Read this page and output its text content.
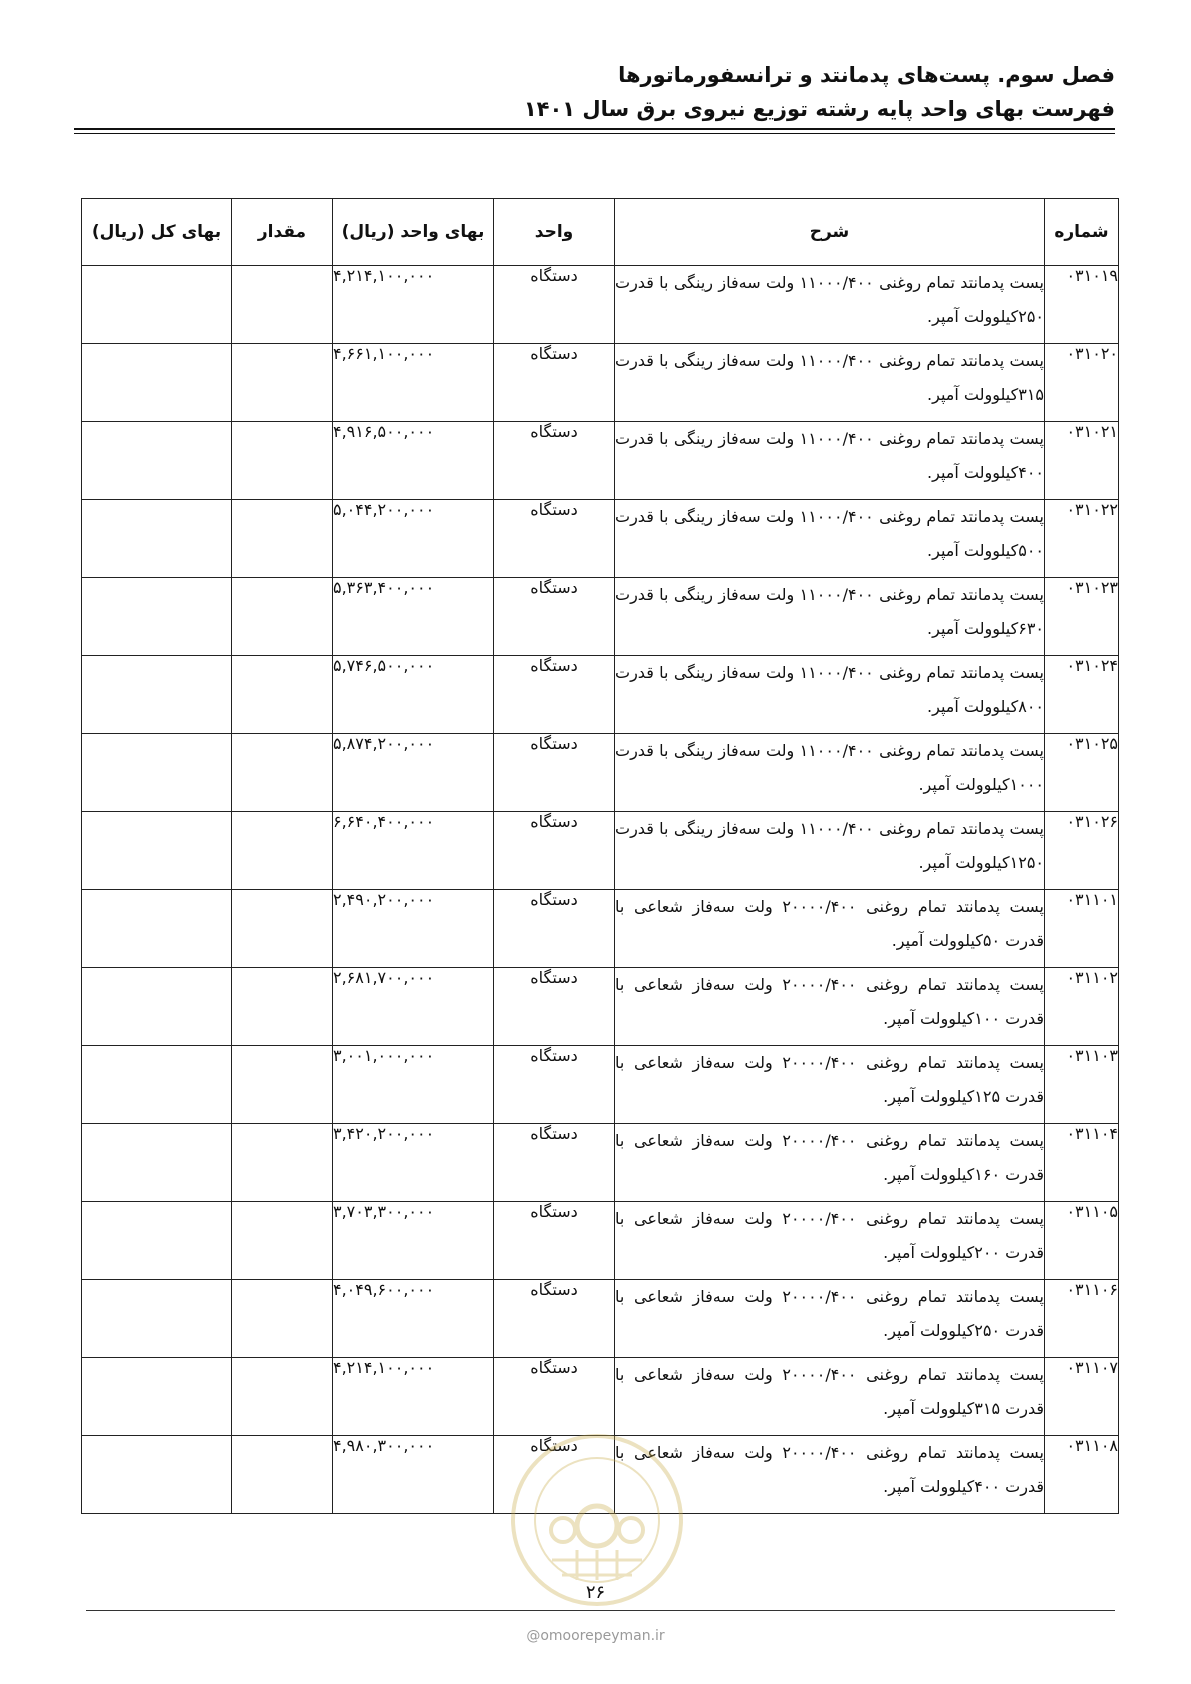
فصل سوم. پست‌های پدمانتد و ترانسفورماتورها
فهرست بهای واحد پایه رشته توزیع نیروی برق سال ۱۴۰۱
شماره	شرح	واحد	بهای واحد (ریال)	مقدار	بهای کل (ریال)
۰۳۱۰۱۹	پست پدمانتد تمام روغنی ۱۱۰۰۰/۴۰۰ ولت سه‌فاز رینگی با قدرت ۲۵۰کیلوولت آمپر.	دستگاه	۴,۲۱۴,۱۰۰,۰۰۰		
۰۳۱۰۲۰	پست پدمانتد تمام روغنی ۱۱۰۰۰/۴۰۰ ولت سه‌فاز رینگی با قدرت ۳۱۵کیلوولت آمپر.	دستگاه	۴,۶۶۱,۱۰۰,۰۰۰		
۰۳۱۰۲۱	پست پدمانتد تمام روغنی ۱۱۰۰۰/۴۰۰ ولت سه‌فاز رینگی با قدرت ۴۰۰کیلوولت آمپر.	دستگاه	۴,۹۱۶,۵۰۰,۰۰۰		
۰۳۱۰۲۲	پست پدمانتد تمام روغنی ۱۱۰۰۰/۴۰۰ ولت سه‌فاز رینگی با قدرت ۵۰۰کیلوولت آمپر.	دستگاه	۵,۰۴۴,۲۰۰,۰۰۰		
۰۳۱۰۲۳	پست پدمانتد تمام روغنی ۱۱۰۰۰/۴۰۰ ولت سه‌فاز رینگی با قدرت ۶۳۰کیلوولت آمپر.	دستگاه	۵,۳۶۳,۴۰۰,۰۰۰		
۰۳۱۰۲۴	پست پدمانتد تمام روغنی ۱۱۰۰۰/۴۰۰ ولت سه‌فاز رینگی با قدرت ۸۰۰کیلوولت آمپر.	دستگاه	۵,۷۴۶,۵۰۰,۰۰۰		
۰۳۱۰۲۵	پست پدمانتد تمام روغنی ۱۱۰۰۰/۴۰۰ ولت سه‌فاز رینگی با قدرت ۱۰۰۰کیلوولت آمپر.	دستگاه	۵,۸۷۴,۲۰۰,۰۰۰		
۰۳۱۰۲۶	پست پدمانتد تمام روغنی ۱۱۰۰۰/۴۰۰ ولت سه‌فاز رینگی با قدرت ۱۲۵۰کیلوولت آمپر.	دستگاه	۶,۶۴۰,۴۰۰,۰۰۰		
۰۳۱۱۰۱	پست پدمانتد تمام روغنی ۲۰۰۰۰/۴۰۰ ولت سه‌فاز شعاعی با قدرت ۵۰کیلوولت آمپر.	دستگاه	۲,۴۹۰,۲۰۰,۰۰۰		
۰۳۱۱۰۲	پست پدمانتد تمام روغنی ۲۰۰۰۰/۴۰۰ ولت سه‌فاز شعاعی با قدرت ۱۰۰کیلوولت آمپر.	دستگاه	۲,۶۸۱,۷۰۰,۰۰۰		
۰۳۱۱۰۳	پست پدمانتد تمام روغنی ۲۰۰۰۰/۴۰۰ ولت سه‌فاز شعاعی با قدرت ۱۲۵کیلوولت آمپر.	دستگاه	۳,۰۰۱,۰۰۰,۰۰۰		
۰۳۱۱۰۴	پست پدمانتد تمام روغنی ۲۰۰۰۰/۴۰۰ ولت سه‌فاز شعاعی با قدرت ۱۶۰کیلوولت آمپر.	دستگاه	۳,۴۲۰,۲۰۰,۰۰۰		
۰۳۱۱۰۵	پست پدمانتد تمام روغنی ۲۰۰۰۰/۴۰۰ ولت سه‌فاز شعاعی با قدرت ۲۰۰کیلوولت آمپر.	دستگاه	۳,۷۰۳,۳۰۰,۰۰۰		
۰۳۱۱۰۶	پست پدمانتد تمام روغنی ۲۰۰۰۰/۴۰۰ ولت سه‌فاز شعاعی با قدرت ۲۵۰کیلوولت آمپر.	دستگاه	۴,۰۴۹,۶۰۰,۰۰۰		
۰۳۱۱۰۷	پست پدمانتد تمام روغنی ۲۰۰۰۰/۴۰۰ ولت سه‌فاز شعاعی با قدرت ۳۱۵کیلوولت آمپر.	دستگاه	۴,۲۱۴,۱۰۰,۰۰۰		
۰۳۱۱۰۸	پست پدمانتد تمام روغنی ۲۰۰۰۰/۴۰۰ ولت سه‌فاز شعاعی با قدرت ۴۰۰کیلوولت آمپر.	دستگاه	۴,۹۸۰,۳۰۰,۰۰۰		
۲۶
@omoorepeyman.ir
